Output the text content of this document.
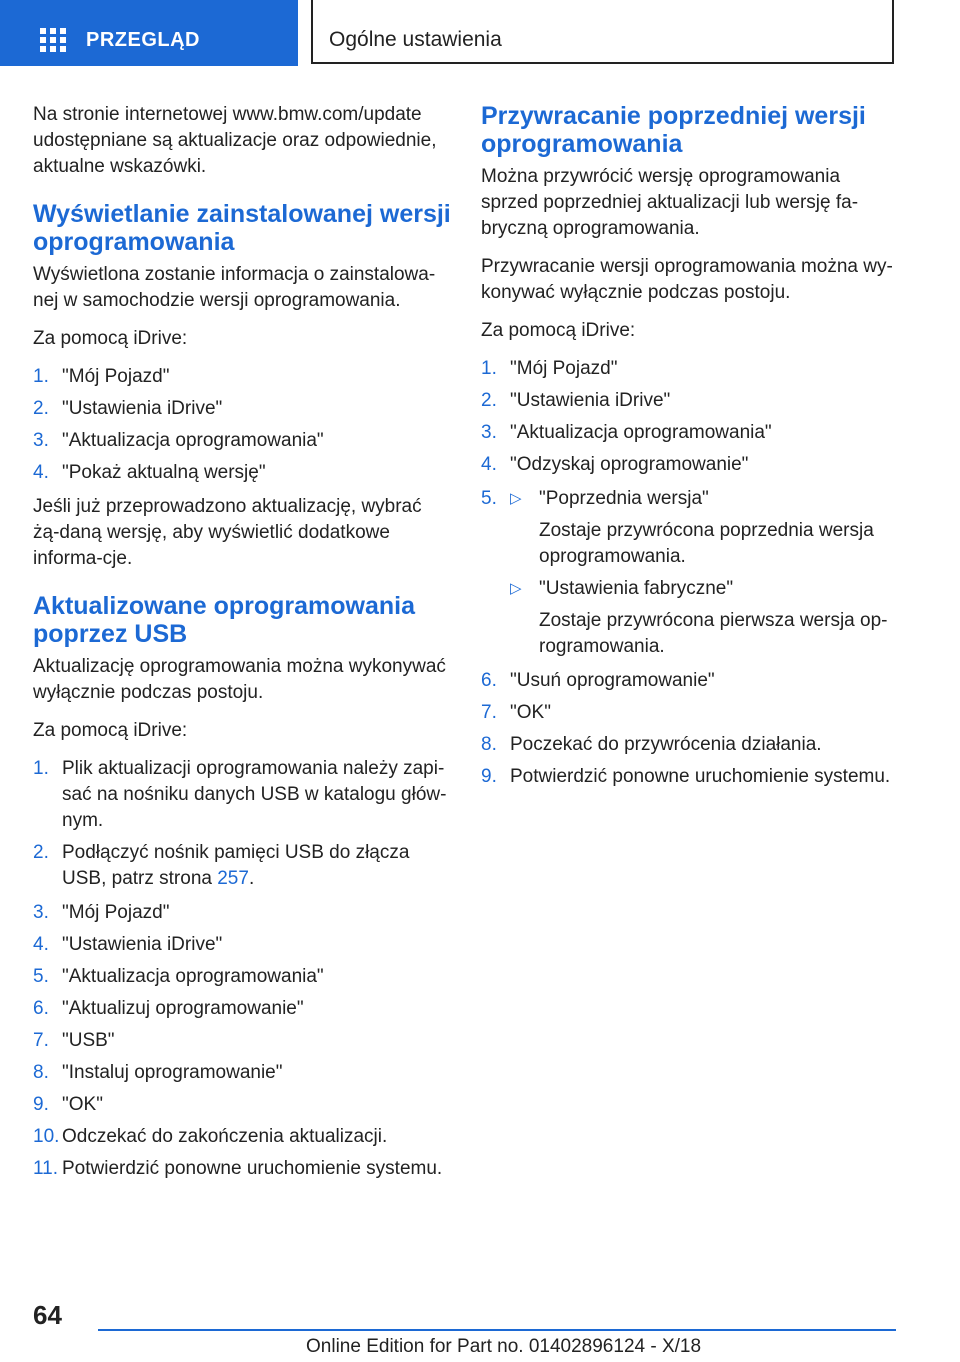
PRZEGLĄD	Ogólne ustawienia

Na stronie internetowej www.bmw.com/update udostępniane są aktualizacje oraz odpowiednie, aktualne wskazówki.

Wyświetlanie zainstalowanej wersji oprogramowania

Wyświetlona zostanie informacja o zainstalowa‐nej w samochodzie wersji oprogramowania.

Za pomocą iDrive:

1. "Mój Pojazd"
2. "Ustawienia iDrive"
3. "Aktualizacja oprogramowania"
4. "Pokaż aktualną wersję"

Jeśli już przeprowadzono aktualizację, wybrać żą‐daną wersję, aby wyświetlić dodatkowe informa‐cje.

Aktualizowane oprogramowania poprzez USB

Aktualizację oprogramowania można wykonywać wyłącznie podczas postoju.

Za pomocą iDrive:

1. Plik aktualizacji oprogramowania należy zapi‐sać na nośniku danych USB w katalogu głów‐nym.
2. Podłączyć nośnik pamięci USB do złącza USB, patrz strona 257.
3. "Mój Pojazd"
4. "Ustawienia iDrive"
5. "Aktualizacja oprogramowania"
6. "Aktualizuj oprogramowanie"
7. "USB"
8. "Instaluj oprogramowanie"
9. "OK"
10. Odczekać do zakończenia aktualizacji.
11. Potwierdzić ponowne uruchomienie systemu.
Przywracanie poprzedniej wersji oprogramowania

Można przywrócić wersję oprogramowania sprzed poprzedniej aktualizacji lub wersję fa‐bryczną oprogramowania.

Przywracanie wersji oprogramowania można wy‐konywać wyłącznie podczas postoju.

Za pomocą iDrive:

1. "Mój Pojazd"
2. "Ustawienia iDrive"
3. "Aktualizacja oprogramowania"
4. "Odzyskaj oprogramowanie"
5. ▷ "Poprzednia wersja"
Zostaje przywrócona poprzednia wersja oprogramowania.
▷ "Ustawienia fabryczne"
Zostaje przywrócona pierwsza wersja op‐rogramowania.
6. "Usuń oprogramowanie"
7. "OK"
8. Poczekać do przywrócenia działania.
9. Potwierdzić ponowne uruchomienie systemu.
64
Online Edition for Part no. 01402896124 - X/18
